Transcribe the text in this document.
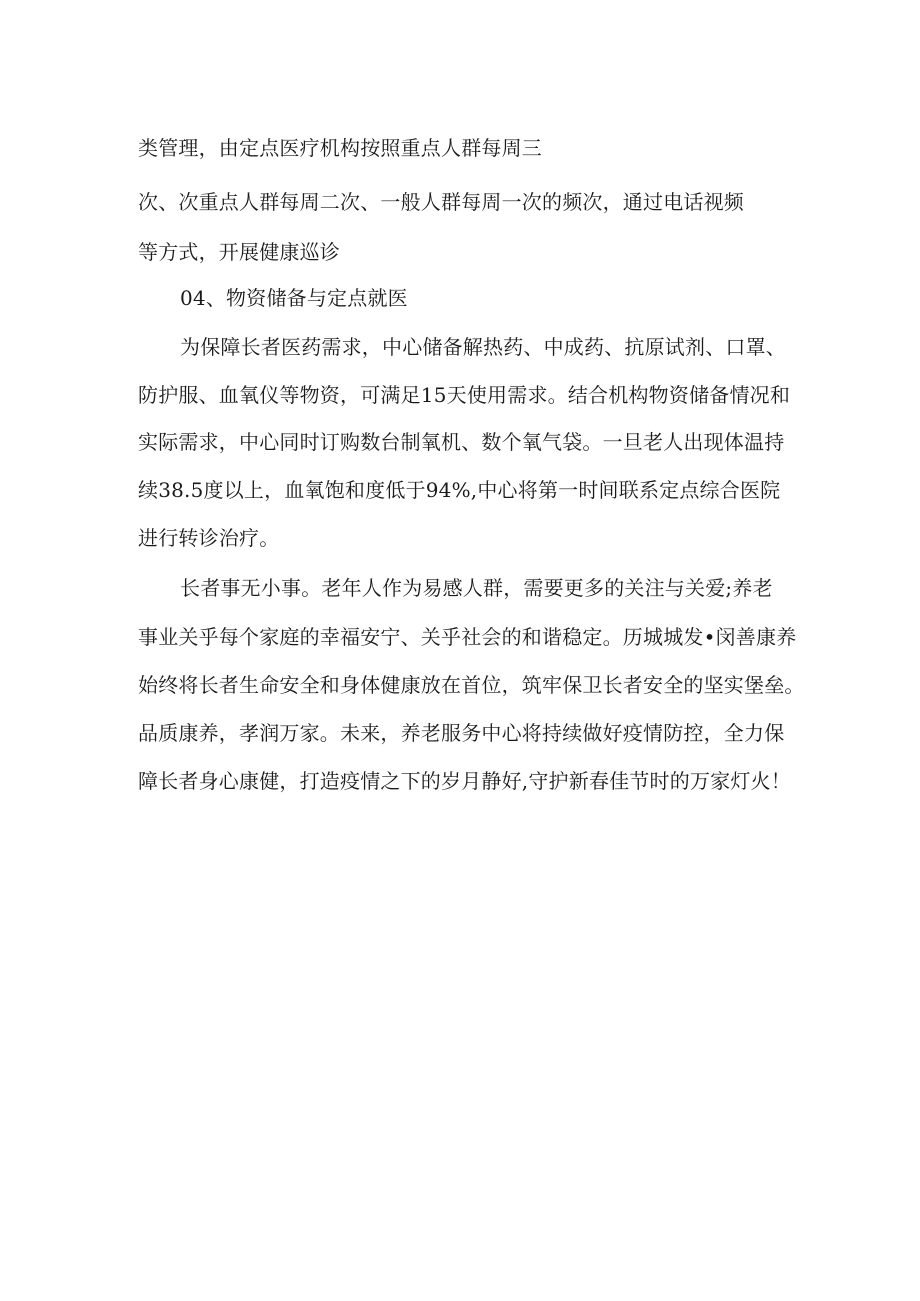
类管理，由定点医疗机构按照重点人群每周三
次、次重点人群每周二次、一般人群每周一次的频次，通过电话视频
等方式，开展健康巡诊
04、物资储备与定点就医
为保障长者医药需求，中心储备解热药、中成药、抗原试剂、口罩、
防护服、血氧仪等物资，可满足15天使用需求。结合机构物资储备情况和
实际需求，中心同时订购数台制氧机、数个氧气袋。一旦老人出现体温持
续38.5度以上，血氧饱和度低于94%,中心将第一时间联系定点综合医院
进行转诊治疗。
长者事无小事。老年人作为易感人群，需要更多的关注与关爱;养老
事业关乎每个家庭的幸福安宁、关乎社会的和谐稳定。历城城发•闵善康养
始终将长者生命安全和身体健康放在首位，筑牢保卫长者安全的坚实堡垒。
品质康养，孝润万家。未来，养老服务中心将持续做好疫情防控，全力保
障长者身心康健，打造疫情之下的岁月静好,守护新春佳节时的万家灯火！
